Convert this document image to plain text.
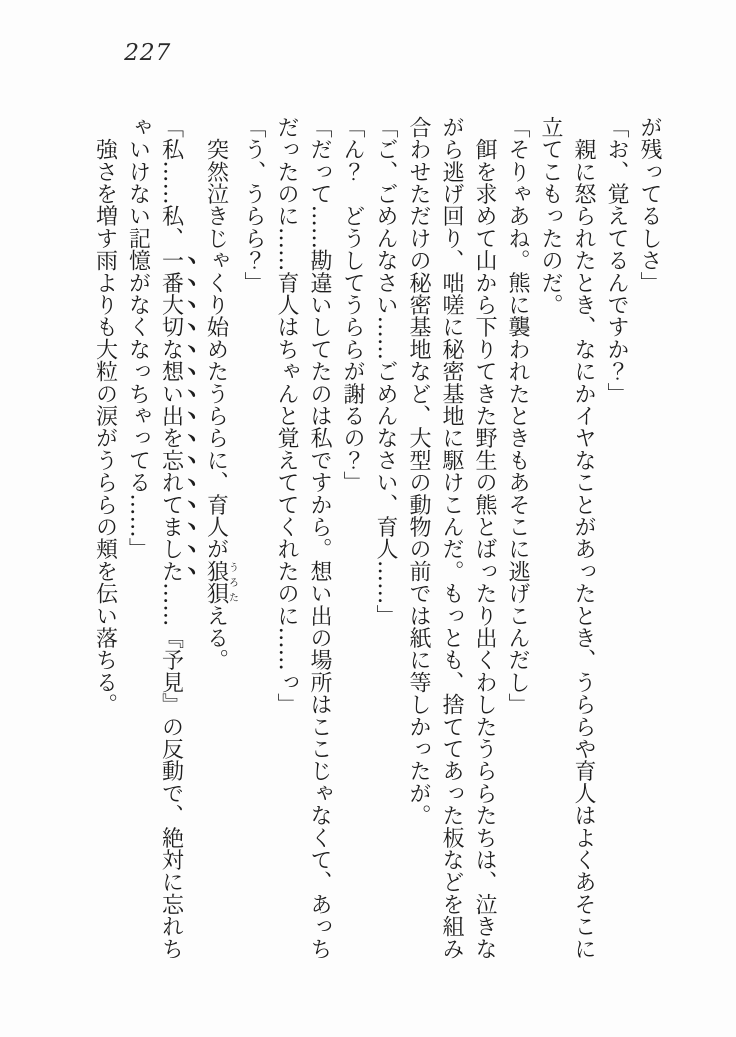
227
が残ってるしさ」
「お、覚えてるんですか？」
　親に怒られたとき、なにかイヤなことがあったとき、うららや育人はよくあそこに
立てこもったのだ。
「そりゃあね。熊に襲われたときもあそこに逃げこんだし」
　餌を求めて山から下りてきた野生の熊とばったり出くわしたうららたちは、泣きな
がら逃げ回り、咄嗟に秘密基地に駆けこんだ。もっとも、捨ててあった板などを組み
合わせただけの秘密基地など、大型の動物の前では紙に等しかったが。
「ご、ごめんなさい……ごめんなさい、育人……」
「ん？　どうしてうららが謝るの？」
「だって……勘違いしてたのは私ですから。想い出の場所はここじゃなくて、あっち
だったのに……育人はちゃんと覚えててくれたのに……っ」
「う、うらら？」
　突然泣きじゃくり始めたうららに、育人が狼狽うろたえる。
「私……私、一番大切な想い出を忘れてました……『予見』の反動で、絶対に忘れち
ゃいけない記憶がなくなっちゃってる……」
　強さを増す雨よりも大粒の涙がうららの頬を伝い落ちる。
